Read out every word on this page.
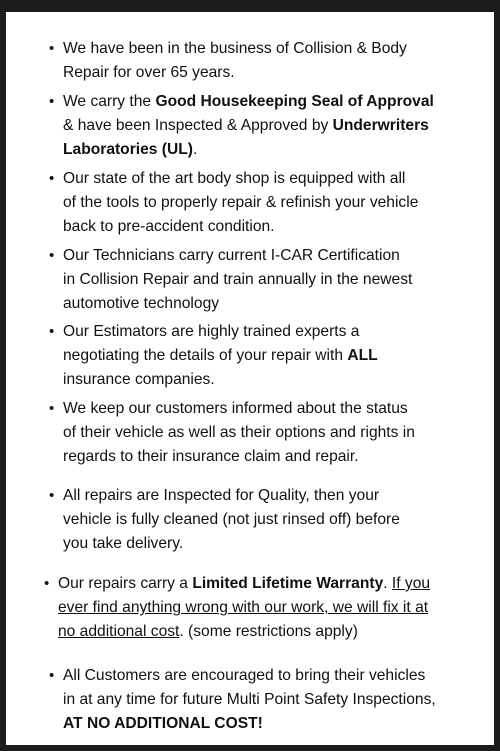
• We have been in the business of Collision & Body
Repair for over 65 years.
• We carry the Good Housekeeping Seal of Approval
& have been Inspected & Approved by Underwriters
Laboratories (UL).
• Our state of the art body shop is equipped with all
of the tools to properly repair & refinish your vehicle
back to pre-accident condition.
• Our Technicians carry current I-CAR Certification
in Collision Repair and train annually in the newest
automotive technology
• Our Estimators are highly trained experts a
negotiating the details of your repair with ALL
insurance companies.
• We keep our customers informed about the status
of their vehicle as well as their options and rights in
regards to their insurance claim and repair.
• All repairs are Inspected for Quality, then your
vehicle is fully cleaned (not just rinsed off) before
you take delivery.
• Our repairs carry a Limited Lifetime Warranty. If you
ever find anything wrong with our work, we will fix it at
no additional cost. (some restrictions apply)
• All Customers are encouraged to bring their vehicles
in at any time for future Multi Point Safety Inspections,
AT NO ADDITIONAL COST!
